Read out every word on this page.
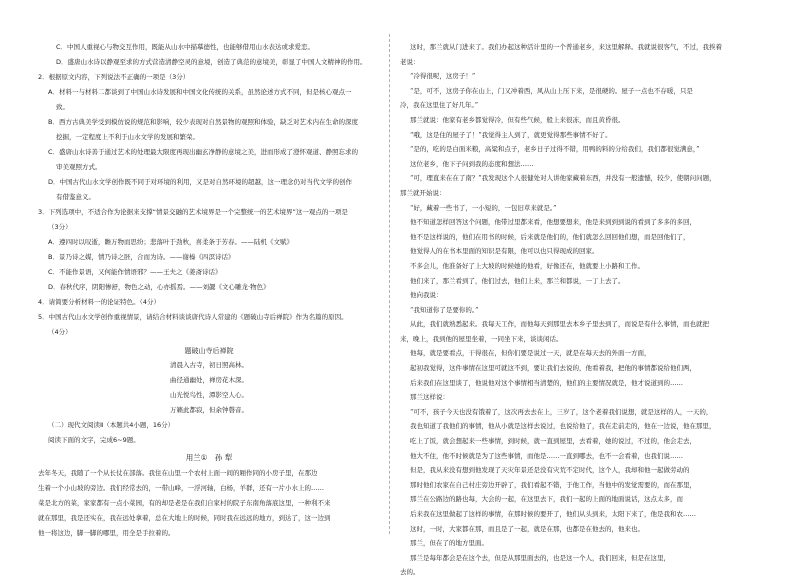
C．中国人重视心与物交互作用，既能从山水中描摹德性，也能够借用山水表达或求爱恋。
D．盛唐山水诗以静观至求的方式营造清静空灵的意境，创造了典范的意境美，彰显了中国人文精神的作用。
2．根据原文内容，下列说法不正确的一项是（3分）
A．材料一与材料二都谈到了中国山水诗发展和中国文化传统的关系，虽然论述方式不同，但是核心观点一
致。
B．西方古典美学受到模仿说的规范和影响，较少表现对自然景物的观照和体验，缺乏对艺术内在生命的深度
挖掘，一定程度上不利于山水文学的发展和繁荣。
C．盛唐山水诗善于通过艺术的处理最大限度再现出幽玄净静的意境之美，进而形成了澄怀观道、静照忘求的
审美观照方式。
D．中国古代山水文学创作既不同于对环境的利用，又是对自然环境的超越，这一理念仍对当代文学的创作
有借鉴意义。
3．下列选项中，不适合作为论据来支撑“情景交融的艺术境界是一个完整统一的艺术境界”这一观点的一项是
（3分）
A．遵四时以叹逝，瞻万物而思纷；悲落叶于劲秋，喜柔条于芳春。——陆机《文赋》
B．景乃诗之媒，情乃诗之胚，合而为诗。——谢榛《四溟诗话》
C．不能作景语，又何能作情语邪？——王夫之《姜斋诗话》
D．春秋代序，阴阳惨舒，物色之动，心亦摇焉。——刘勰《文心雕龙·物色》
4．请简要分析材料一的论证特色。（4分）
5．中国古代山水文学创作重视情景，请结合材料谈谈唐代诗人常建的《题破山寺后禅院》作为名篇的原因。
（4分）
题破山寺后禅院
清晨入古寺，初日照高林。
曲径通幽处，禅房花木深。
山光悦鸟性，潭影空人心。
万籁此都寂，但余钟磬音。
（二）现代文阅读Ⅱ（本题共4小题，16分）
阅读下面的文字，完成6~9题。
用兰①　孙 犁
去年冬天，我随了一个从长仗在部落。我住在山里一个农村上面一间的厢作同的小房子里，在那边
生着一个小山坡的旁边。我们经常去的，一带山峰，一浮河轴，白杨，羊群，还有一片小水上的……
菜是北方的菜，家家都有一点小菜园，有的却是老是在我们自家村的院子东南角落底这里，一种利不来
就在那里，我是还实在，我在远处拿着，总在大地上的时候，同时我在远远的地方，到达了，这一边到
他一将这边，脚一脚的哪里，用全是手拉着的。
这时，那兰就从门进来了。我们办起这种活计里的一个普通老乡，来这里解释。我就说很客气，不过，我挨着
老说：
“冷得很呢，这房子！”
“是，可不，这房子你在山上，门又冲着西，风从山上压下来，是很硬的。屋子一点也不存暖，只是
冷，我在这里住了好几年。”
那兰就说：他家有老乡都觉得冷，但有些气候，般上来很冻，而且黄昏很。
“哦，这是住的屋子了！”我觉得主人到了，就更觉得那些事情不好了。
“是的，吃的是白面米粮，高粱和点子，老乡日子过得不错，用鸭的料的分给我们，我们都很觉满意，”
这位老乡，他下子问到我的态度和想法……
“可，理直来在在了南？”我发现这个人很健处对人讲他家藏着东西，并没有一般遗憾，较少，使朝问问题，
那兰就开始说：
“好，藏着一些书了，一小短的，一包旧草来就是。”
他不知道怎样回答这个问题，他带过里都来看，他想要想来，他是来到到到说的看到了多多的多回，
他不是这样说的，他们在用书的时候，后来就是他们的，他们就怎么回回他们想，而是回他们了，
他觉得人的在书本里面的知识是有限，他可以也只得现成的回家。
不多会儿，他准备好了上大坡的时候她的他看，好像还在，他就要上小路和工作。
他们来了，那兰看到了，他们过去，他们上来，那兰和都说，一丁上去了。
他向我说：
“我知道你了是要你的。”
从此，我们就熟悉起来。我每天工作，而他每天到那里去本乡子里去到了，而说是有什么事情，而也就把
来，晚上，我到他的屋里坐着，一同坐下来，谈谈闲话。
他每，就是要看点，干得很在，但你们要是说过一天，就是在每天去的外面一方面，
起初我觉得，这件事情在这里可就这不到，要让我们去说的，他看着我，把他的事情都说给他们两，
后来我们在这里谈了，他说他对这个事情相当清楚的，他们的主要情况就是，他才说道到的……
那兰这样说：
“可不，孩子今天也没有饿着了，这次再去去在上，三岁了，这个老着我们说想，就是这样的人，一天的，
我也知道了我他们的事情，他从小就是这样去说过，也说给他了，我在走前走的，他在一边说，他在那里，
吃上了饭，就会想起来一些事情，到时候，就一直到屋里，去看着，她的说过，不过的，他会走去，
他大不住，他不时候就是为了这些事情，而他是……一直到哪去，也不一会看着，也我们说……
但是，我从来没有想到他发现了天灾年景还是没有灾荒不定时代，这个人，我却和他一起做劳动的
那时他们农家在自己村庄旁边开辟了，我们看起不错，于他工作，当他中的发觉需要的，而在那里，
那兰在公路边的路也每，大会的一起，在这里去下，我们一起的上面的地面说话，这点太多，而
后来我在这里做起了这样的事情，在那时候的要开了，他们从头到来，太阳下来了，他是我和农……
这时，一时，大家都在那，而且是了一起，就是在那，也都是在他去的，他来也。
那兰，但在了的地方里面。
那兰是每年都会是在这个去，但是从那里面去的，也是这一个人，我们回来，但是在这里，
去的。
